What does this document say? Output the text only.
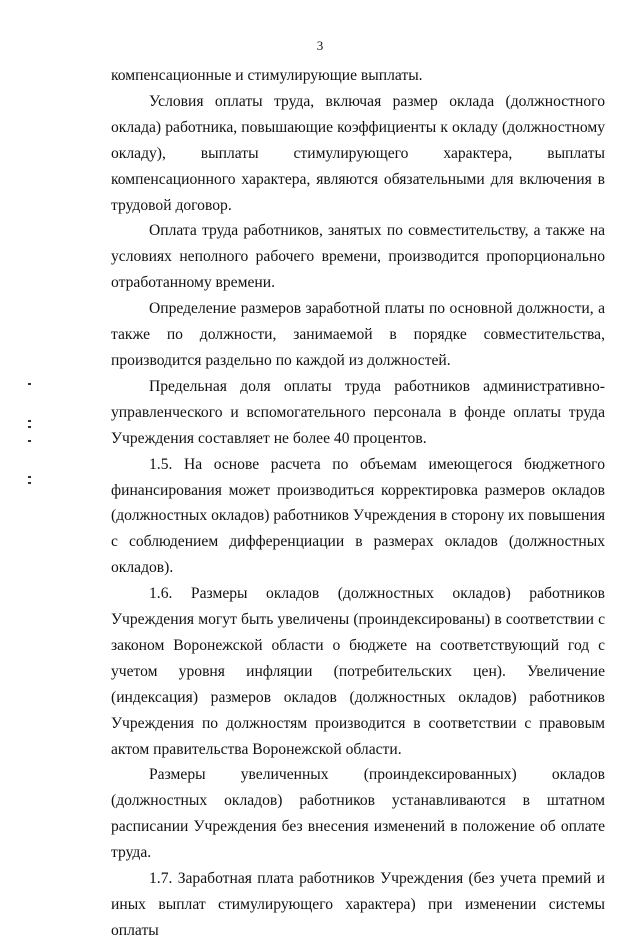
3

компенсационные и стимулирующие выплаты.

Условия оплаты труда, включая размер оклада (должностного оклада) работника, повышающие коэффициенты к окладу (должностному окладу), выплаты стимулирующего характера, выплаты компенсационного характера, являются обязательными для включения в трудовой договор.

Оплата труда работников, занятых по совместительству, а также на условиях неполного рабочего времени, производится пропорционально отработанному времени.

Определение размеров заработной платы по основной должности, а также по должности, занимаемой в порядке совместительства, производится раздельно по каждой из должностей.

Предельная доля оплаты труда работников административно-управленческого и вспомогательного персонала в фонде оплаты труда Учреждения составляет не более 40 процентов.

1.5. На основе расчета по объемам имеющегося бюджетного финансирования может производиться корректировка размеров окладов (должностных окладов) работников Учреждения в сторону их повышения с соблюдением дифференциации в размерах окладов (должностных окладов).

1.6. Размеры окладов (должностных окладов) работников Учреждения могут быть увеличены (проиндексированы) в соответствии с законом Воронежской области о бюджете на соответствующий год с учетом уровня инфляции (потребительских цен). Увеличение (индексация) размеров окладов (должностных окладов) работников Учреждения по должностям производится в соответствии с правовым актом правительства Воронежской области.

Размеры увеличенных (проиндексированных) окладов (должностных окладов) работников устанавливаются в штатном расписании Учреждения без внесения изменений в положение об оплате труда.

1.7. Заработная плата работников Учреждения (без учета премий и иных выплат стимулирующего характера) при изменении системы оплаты
